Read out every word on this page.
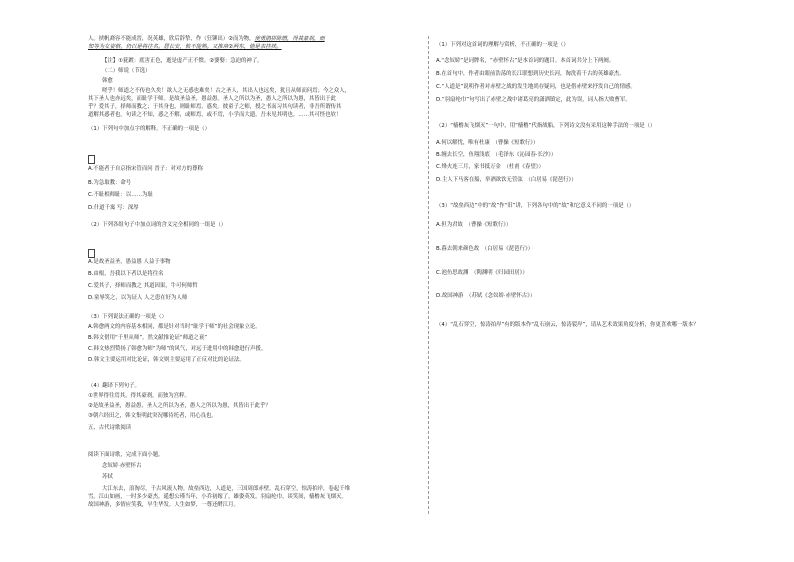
人。挟帆裔容不能成晋，况英雄，欣后辞挚，作（狂铆出）②而为物，使勇鹃拼陈燃，得其豪刹，而
知等为女姿格，仍以是将往名。居长安，攸不能熟。又推帛②两东，他是表挂挟。
【注】①莸踱：底害正色，逝是虚产正不惯。②婆娶：急迫的神了。
（二）师说（节选）
韩愈
嗟乎！师道之不传也久矣！欲人之无惑也难矣！古之圣人，其出人也远矣，犹且从师而问焉；今之众人，
其下圣人也亦远矣，而耻学于师。是故圣益圣，愚益愚。圣人之所以为圣，愚人之所以为愚，其皆出于此
乎？爱其子，择师而教之；于其身也，则耻师焉，惑矣。彼童子之师，授之书而习其句读者，非吾所谓传其
道解其惑者也。句读之不知，惑之不解，或师焉，或不焉，小学而大遗，吾未见其明也。……其可怪也欤！
（1）下列句中加点字的解释，不正确的一项是（）
A.不能者于自京指宋管而问 晋子：对对方的尊称
B.为急取教：命号
C.不耻相师耻：以……为耻
D.什道千寓 写：深厚
（2）下列各组句子中加点词的含义完全相同的一组是（）
A.是故圣益圣，愚益愚 人益于事物
B.由根，吾我以下者以是将往名
C.爱其子，择师而教之 其道因果，牛可何师哲
D.童辱笑之，以为证人 人之患在好为人师
（3）下列说法正确的一项是（）
A.韩愈两文的内容基本相同，都是针对当时“耻学于师”的社会现象立论。
B.韩文借用“千里从师”，然文献推论证“师道之衰”
C.韩文热烈赞扬了韩愈为师“为师”的风气，对远于进用中的韩愈进行声援。
D.韩文主要运用对比论证，韩文则主要运用了正反对比的论证法。
（4）翻译下列句子。
①世界得往焉其，得其豪刹，而独为宫粹。
②是故圣益圣，愚益愚，圣人之所以为圣，愚人之所以为愚，其皆出于此乎？
③朝六经田之，韩文集明此突况哪待托者，用心良也。
五、古代诗歌阅读
阅读下面诗歌，完成下面小题。
念奴娇·赤壁怀古
苏轼
大江东去，浪淘尽，千古风流人物。故垒西边，人道是，三国周郎赤壁。乱石穿空，惊涛拍岸，卷起千堆
雪。江山如画，一时多少豪杰。遥想公瑾当年，小乔初嫁了，雄姿英发。羽扇纶巾，谈笑间，樯橹灰飞烟灭。
故国神游，多情应笑我，早生华发。人生如梦，一尊还酹江月。
（1）下列对这首词的理解与赏析，不正确的一项是（）
A.“念奴娇”是词牌名，“赤壁怀古”是本首词的题目。本首词共分上下两阕。
B.在首句中，作者由眼前浩荡的长江联想到历史长河，淘洗着千古的英雄豪杰。
C.“人道是”说明作者对赤壁之战的发生地尚存疑问，也是借赤壁来抒发自己的情感。
D.“羽扇纶巾”句写出了赤壁之战中诸葛亮的潇洒镇定，此为误，词人指大败曹军。
（2）“樯橹灰飞烟灭”一句中，用“樯橹”代指战船，下列诗文没有采用这种手法的一项是（）
A.何以解忧，唯有杜康　（曹操《短歌行》）
B.缠去长空，鱼翔浅底　（毛泽东《沁园春·长沙》）
C.烽火连三月，家书抵万金　（杜甫《春望》）
D.主人下马客在船，举酒欲饮无管弦　（白居易《琵琶行》）
（3）“故垒西边”中的“故”作“旧”讲，下列各句中的“故”和它意义不同的一项是（）
A.但为君故　（曹操《短歌行》）
B.暮去朝来颜色故　（白居易《琵琶行》）
C.池鱼思故渊　（陶渊明《归园田居》）
D.故国神游　（苏轼《念奴娇·赤壁怀古》）
（4）“乱石穿空，惊涛拍岸”有的版本作“乱石崩云，惊涛裂岸”，请从艺术效果角度分析，你更喜欢哪一版本？
